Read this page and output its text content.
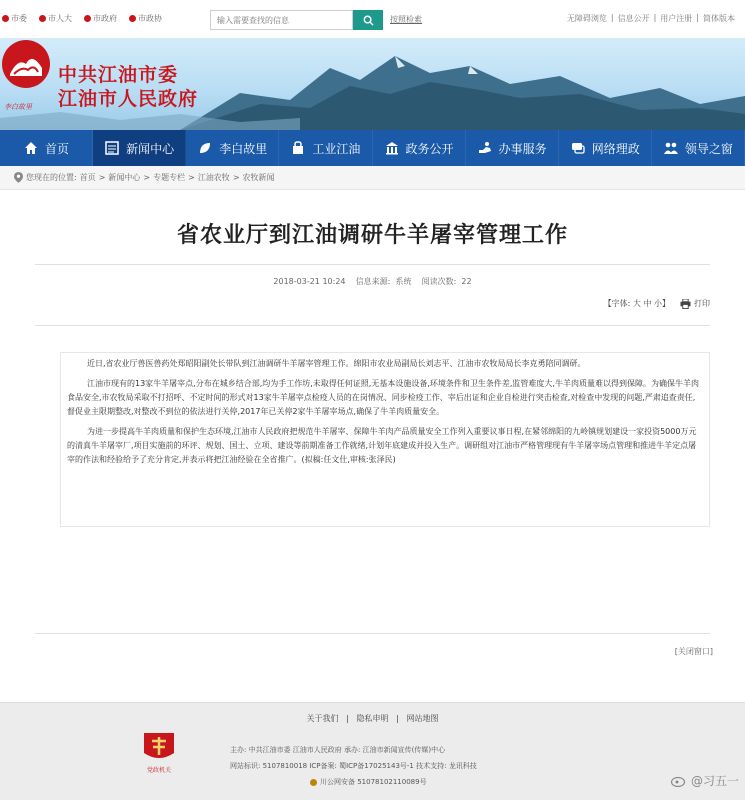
市委	市人大	市政府	市政协
输入需要查找的信息	按照检索	无障碍浏览 | 信息公开 | 用户注册 | 简体版本
李白故里
中共江油市委
江油市人民政府
首页	新闻中心	李白故里	工业江油	政务公开	办事服务	网络理政	领导之窗
您现在的位置: 首页 > 新闻中心 > 专题专栏 > 江油农牧 > 农牧新闻
省农业厅到江油调研牛羊屠宰管理工作
2018-03-21 10:24    信息来源:  系统    阅读次数:  22
【字体: 大 中 小】	打印

近日,省农业厅兽医兽药处郑昭阳副处长带队到江油调研牛羊屠宰管理工作。绵阳市农业局副局长刘志平、江油市农牧局局长李克勇陪同调研。

江油市现有的13家牛羊屠宰点,分布在城乡结合部,均为手工作坊,未取得任何证照,无基本设施设备,环境条件和卫生条件差,监管难度大,牛羊肉质量难以得到保障。为确保牛羊肉食品安全,市农牧局采取不打招呼、不定时间的形式对13家牛羊屠宰点检疫人员的在岗情况、同步检疫工作、宰后出证和企业自检进行突击检查,对检查中发现的问题,严肃追查责任,督促业主限期整改,对整改不到位的依法进行关停,2017年已关停2家牛羊屠宰场点,确保了牛羊肉质量安全。

为进一步提高牛羊肉质量和保护生态环境,江油市人民政府把规范牛羊屠宰、保障牛羊肉产品质量安全工作列入重要议事日程,在紧邻绵阳的九岭镇规划建设一家投资5000万元的清真牛羊屠宰厂,项目实施前的环评、规划、国土、立项、建设等前期准备工作就绪,计划年底建成并投入生产。调研组对江油市严格管理现有牛羊屠宰场点管理和推进牛羊定点屠宰的作法和经验给予了充分肯定,并表示将把江油经验在全省推广。(拟稿:任文仕,审核:张泽民)

[关闭窗口]
关于我们   |   隐私申明   |   网站地图
党政机关
主办: 中共江油市委 江油市人民政府 承办: 江油市新闻宣传(传媒)中心
网站标识: 5107810018 ICP备案: 蜀ICP备17025143号-1 技术支持: 龙讯科技
川公网安备 51078102110089号	@习五一
